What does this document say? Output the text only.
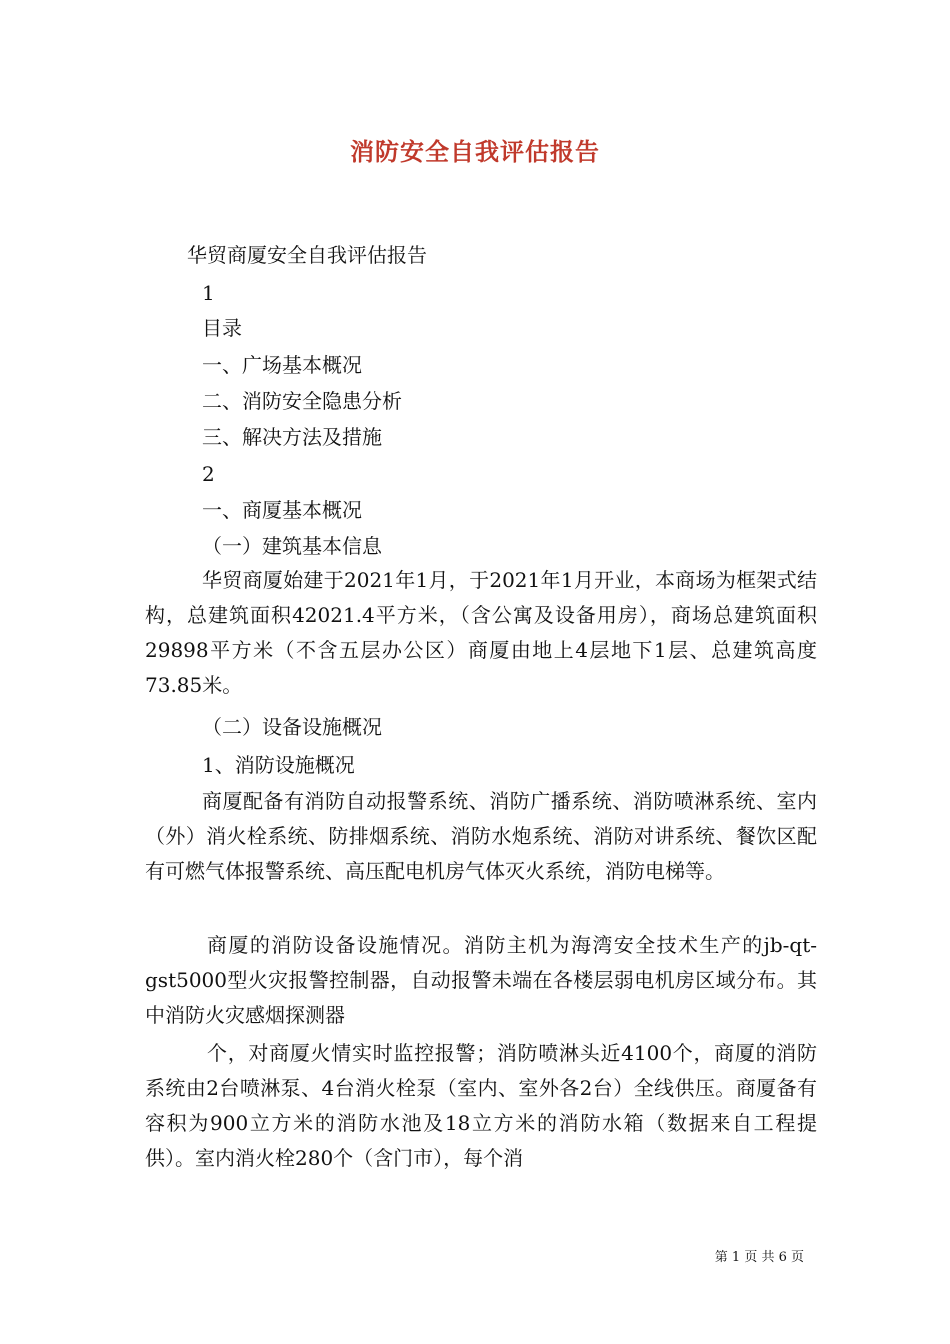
消防安全自我评估报告
华贸商厦安全自我评估报告
1
目录
一、广场基本概况
二、消防安全隐患分析
三、解决方法及措施
2
一、商厦基本概况
（一）建筑基本信息
华贸商厦始建于2021年1月，于2021年1月开业，本商场为框架式结构，总建筑面积42021.4平方米，（含公寓及设备用房），商场总建筑面积29898平方米（不含五层办公区）商厦由地上4层地下1层、总建筑高度73.85米。
（二）设备设施概况
1、消防设施概况
商厦配备有消防自动报警系统、消防广播系统、消防喷淋系统、室内（外）消火栓系统、防排烟系统、消防水炮系统、消防对讲系统、餐饮区配有可燃气体报警系统、高压配电机房气体灭火系统，消防电梯等。
商厦的消防设备设施情况。消防主机为海湾安全技术生产的jb-qt-gst5000型火灾报警控制器，自动报警未端在各楼层弱电机房区域分布。其中消防火灾感烟探测器
个，对商厦火情实时监控报警；消防喷淋头近4100个，商厦的消防系统由2台喷淋泵、4台消火栓泵（室内、室外各2台）全线供压。商厦备有容积为900立方米的消防水池及18立方米的消防水箱（数据来自工程提供）。室内消火栓280个（含门市），每个消
第 1 页 共 6 页
